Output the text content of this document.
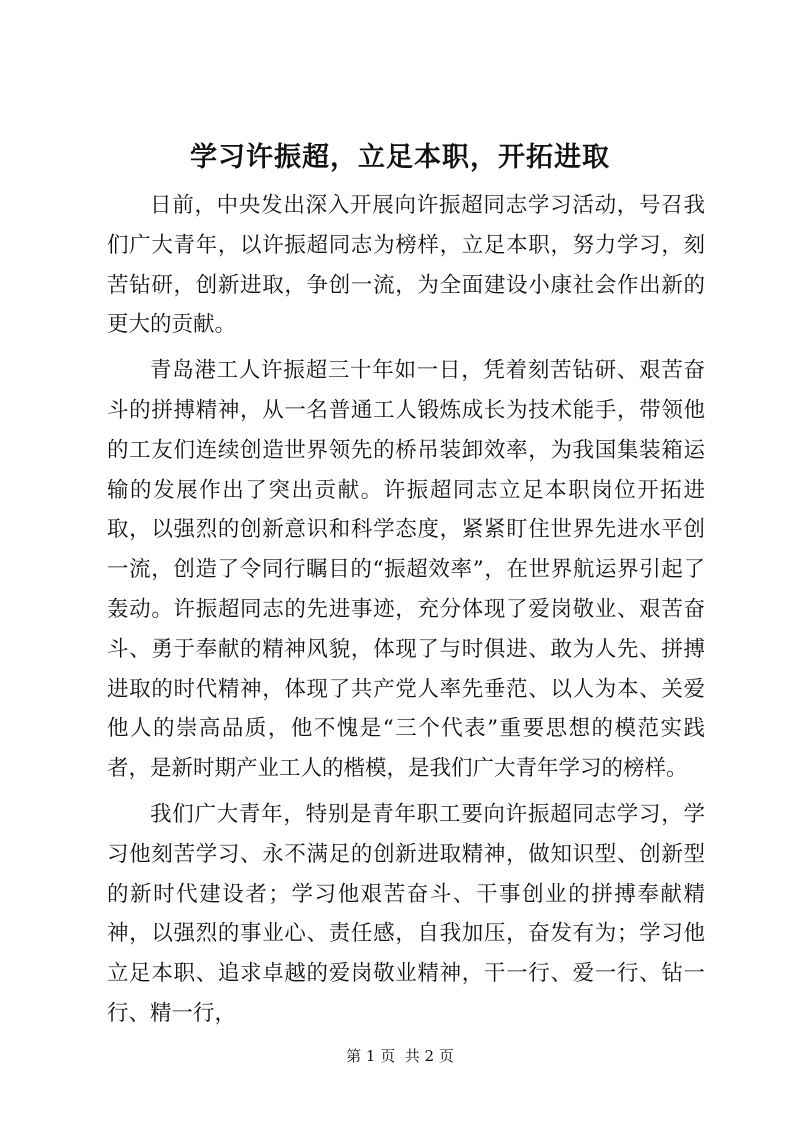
学习许振超，立足本职，开拓进取

日前，中央发出深入开展向许振超同志学习活动，号召我们广大青年，以许振超同志为榜样，立足本职，努力学习，刻苦钻研，创新进取，争创一流，为全面建设小康社会作出新的更大的贡献。

青岛港工人许振超三十年如一日，凭着刻苦钻研、艰苦奋斗的拼搏精神，从一名普通工人锻炼成长为技术能手，带领他的工友们连续创造世界领先的桥吊装卸效率，为我国集装箱运输的发展作出了突出贡献。许振超同志立足本职岗位开拓进取，以强烈的创新意识和科学态度，紧紧盯住世界先进水平创一流，创造了令同行瞩目的“振超效率”，在世界航运界引起了轰动。许振超同志的先进事迹，充分体现了爱岗敬业、艰苦奋斗、勇于奉献的精神风貌，体现了与时俱进、敢为人先、拼搏进取的时代精神，体现了共产党人率先垂范、以人为本、关爱他人的崇高品质，他不愧是“三个代表”重要思想的模范实践者，是新时期产业工人的楷模，是我们广大青年学习的榜样。

我们广大青年，特别是青年职工要向许振超同志学习，学习他刻苦学习、永不满足的创新进取精神，做知识型、创新型的新时代建设者；学习他艰苦奋斗、干事创业的拼搏奉献精神，以强烈的事业心、责任感，自我加压，奋发有为；学习他立足本职、追求卓越的爱岗敬业精神，干一行、爱一行、钻一行、精一行，

第 1 页  共 2 页
